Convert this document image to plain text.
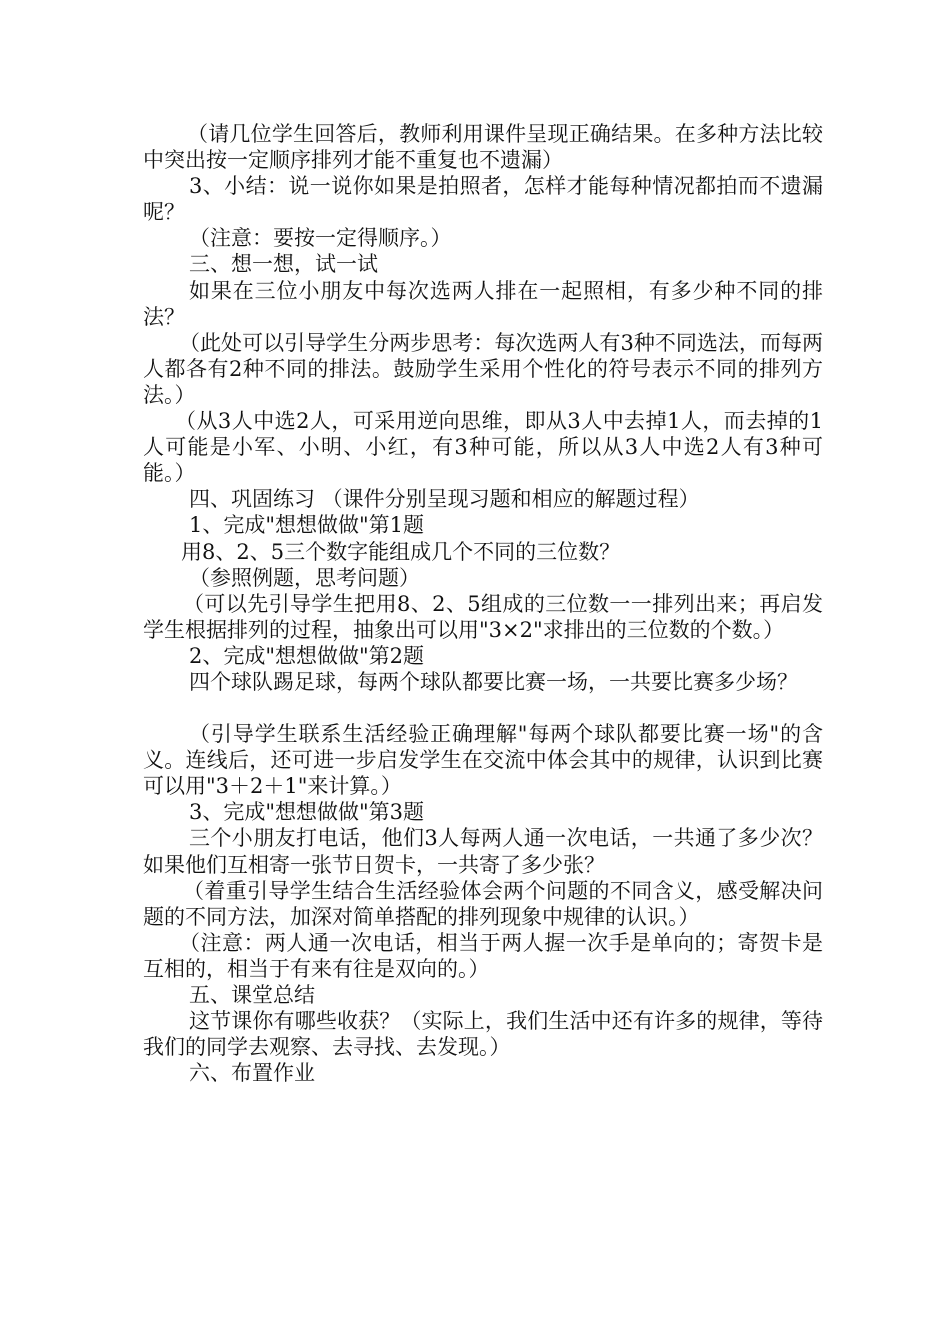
（请几位学生回答后，教师利用课件呈现正确结果。在多种方法比较中突出按一定顺序排列才能不重复也不遗漏）

3、小结：说一说你如果是拍照者，怎样才能每种情况都拍而不遗漏呢？

（注意：要按一定得顺序。）

三、想一想，试一试

如果在三位小朋友中每次选两人排在一起照相，有多少种不同的排法？

（此处可以引导学生分两步思考：每次选两人有3种不同选法，而每两人都各有2种不同的排法。鼓励学生采用个性化的符号表示不同的排列方法。）

（从3人中选2人，可采用逆向思维，即从3人中去掉1人，而去掉的1人可能是小军、小明、小红，有3种可能，所以从3人中选2人有3种可能。）

四、巩固练习 （课件分别呈现习题和相应的解题过程）

1、完成"想想做做"第1题

用8、2、5三个数字能组成几个不同的三位数？

（参照例题，思考问题）

（可以先引导学生把用8、2、5组成的三位数一一排列出来；再启发学生根据排列的过程，抽象出可以用"3×2"求排出的三位数的个数。）

2、完成"想想做做"第2题

四个球队踢足球，每两个球队都要比赛一场，一共要比赛多少场？

（引导学生联系生活经验正确理解"每两个球队都要比赛一场"的含义。连线后，还可进一步启发学生在交流中体会其中的规律，认识到比赛可以用"3＋2＋1"来计算。）

3、完成"想想做做"第3题

三个小朋友打电话，他们3人每两人通一次电话，一共通了多少次？如果他们互相寄一张节日贺卡，一共寄了多少张？

（着重引导学生结合生活经验体会两个问题的不同含义，感受解决问题的不同方法，加深对简单搭配的排列现象中规律的认识。）

（注意：两人通一次电话，相当于两人握一次手是单向的；寄贺卡是互相的，相当于有来有往是双向的。）

五、课堂总结

这节课你有哪些收获？（实际上，我们生活中还有许多的规律，等待我们的同学去观察、去寻找、去发现。）

六、布置作业
